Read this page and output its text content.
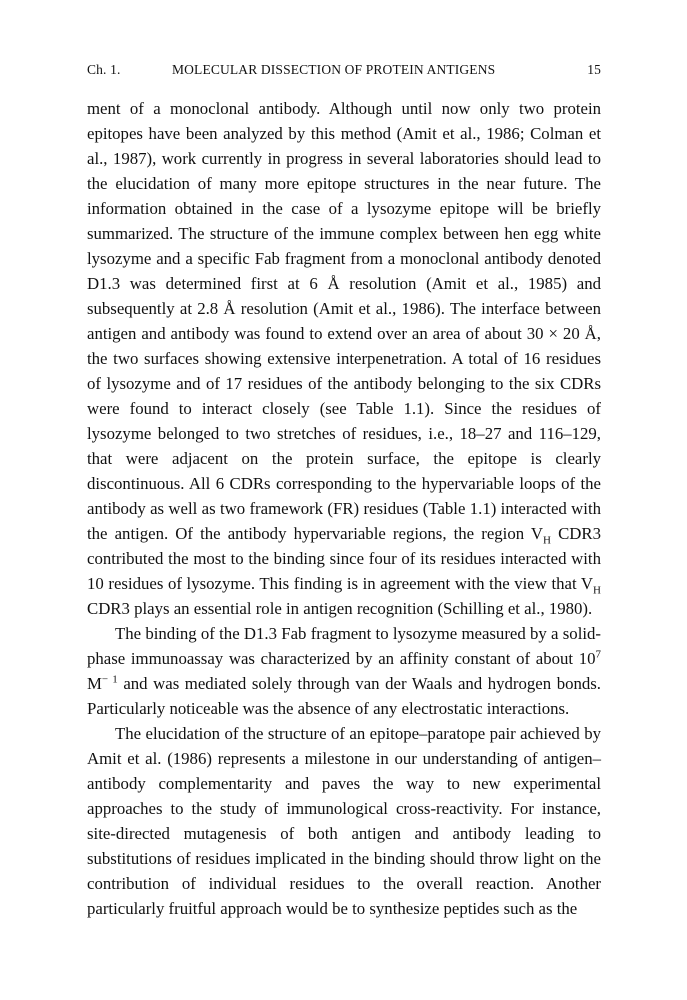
Ch. 1.	MOLECULAR DISSECTION OF PROTEIN ANTIGENS	15

ment of a monoclonal antibody. Although until now only two protein epitopes have been analyzed by this method (Amit et al., 1986; Colman et al., 1987), work currently in progress in several laboratories should lead to the elucidation of many more epitope structures in the near future. The information obtained in the case of a lysozyme epitope will be briefly summarized. The structure of the immune complex between hen egg white lysozyme and a specific Fab fragment from a monoclonal antibody denoted D1.3 was determined first at 6 Å resolution (Amit et al., 1985) and subsequently at 2.8 Å resolution (Amit et al., 1986). The interface between antigen and antibody was found to extend over an area of about 30 × 20 Å, the two surfaces showing extensive interpenetration. A total of 16 residues of lysozyme and of 17 residues of the antibody belonging to the six CDRs were found to interact closely (see Table 1.1). Since the residues of lysozyme belonged to two stretches of residues, i.e., 18–27 and 116–129, that were adjacent on the protein surface, the epitope is clearly discontinuous. All 6 CDRs corresponding to the hypervariable loops of the antibody as well as two framework (FR) residues (Table 1.1) interacted with the antigen. Of the antibody hypervariable regions, the region $V_H$ CDR3 contributed the most to the binding since four of its residues interacted with 10 residues of lysozyme. This finding is in agreement with the view that $V_H$ CDR3 plays an essential role in antigen recognition (Schilling et al., 1980).

The binding of the D1.3 Fab fragment to lysozyme measured by a solid-phase immunoassay was characterized by an affinity constant of about $10^7$ $M^{- 1}$ and was mediated solely through van der Waals and hydrogen bonds. Particularly noticeable was the absence of any electrostatic interactions.

The elucidation of the structure of an epitope–paratope pair achieved by Amit et al. (1986) represents a milestone in our understanding of antigen–antibody complementarity and paves the way to new experimental approaches to the study of immunological cross-reactivity. For instance, site-directed mutagenesis of both antigen and antibody leading to substitutions of residues implicated in the binding should throw light on the contribution of individual residues to the overall reaction. Another particularly fruitful approach would be to synthesize peptides such as the
